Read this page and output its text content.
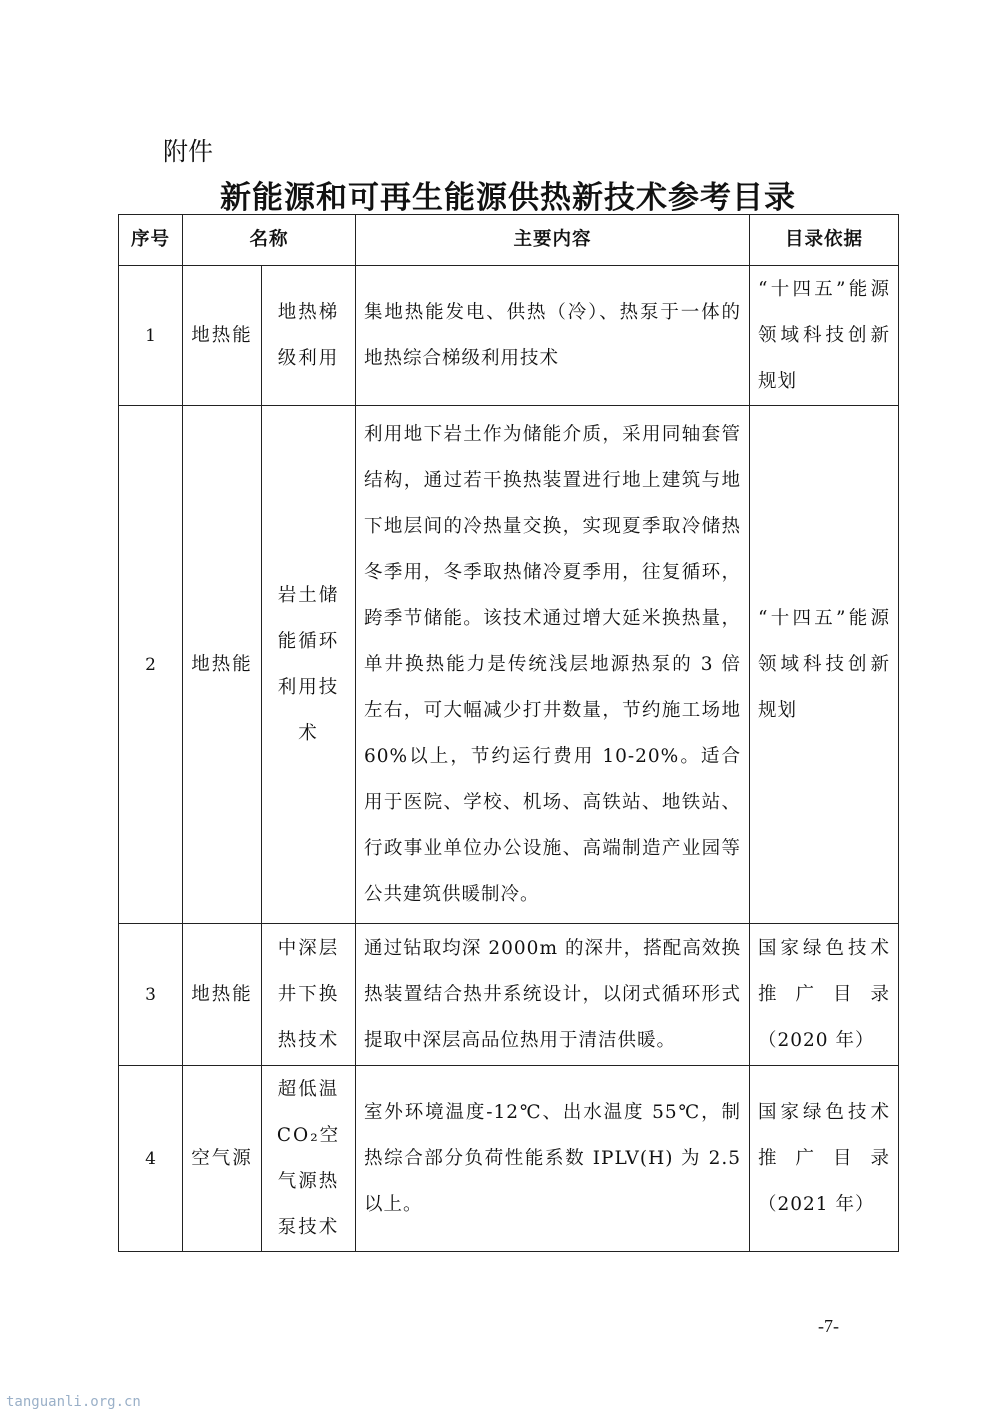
附件
新能源和可再生能源供热新技术参考目录
序号	名称		主要内容	目录依据
1	地热能	地热梯级利用	集地热能发电、供热（冷）、热泵于一体的地热综合梯级利用技术	“十四五”能源领域科技创新规划
2	地热能	岩土储能循环利用技术	利用地下岩土作为储能介质，采用同轴套管结构，通过若干换热装置进行地上建筑与地下地层间的冷热量交换，实现夏季取冷储热冬季用，冬季取热储冷夏季用，往复循环，跨季节储能。该技术通过增大延米换热量，单井换热能力是传统浅层地源热泵的 3 倍左右，可大幅减少打井数量，节约施工场地60%以上，节约运行费用 10-20%。适合用于医院、学校、机场、高铁站、地铁站、行政事业单位办公设施、高端制造产业园等公共建筑供暖制冷。	“十四五”能源领域科技创新规划
3	地热能	中深层井下换热技术	通过钻取均深 2000m 的深井，搭配高效换热装置结合热井系统设计，以闭式循环形式提取中深层高品位热用于清洁供暖。	国家绿色技术推 广 目 录（2020 年）
4	空气源	超低温CO₂空气源热泵技术	室外环境温度-12℃、出水温度 55℃，制热综合部分负荷性能系数 IPLV(H) 为 2.5 以上。	国家绿色技术推 广 目 录（2021 年）
-7-
tanguanli.org.cn
